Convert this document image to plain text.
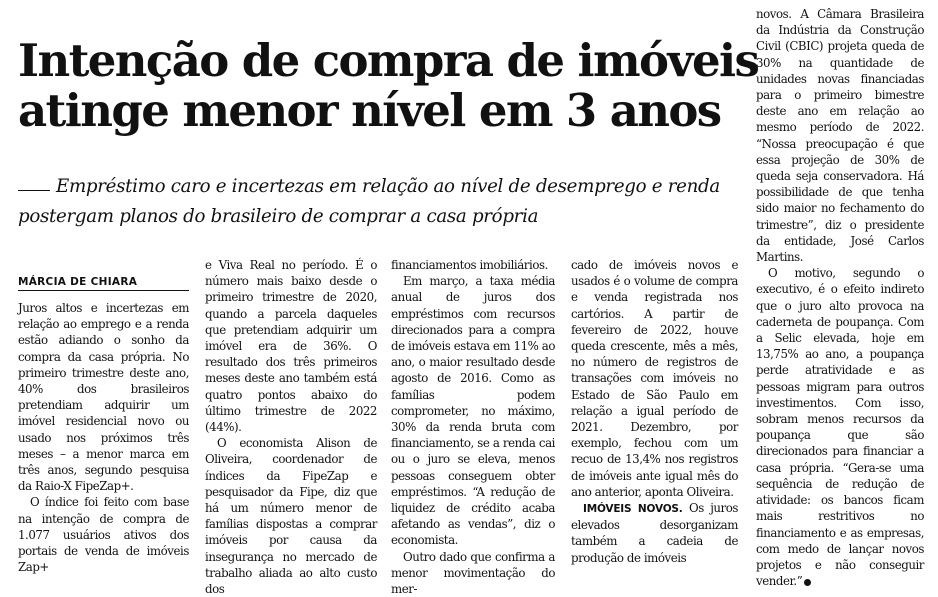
Intenção de compra de imóveis
atinge menor nível em 3 anos

Empréstimo caro e incertezas em relação ao nível de desemprego e renda postergam planos do brasileiro de comprar a casa própria

MÁRCIA DE CHIARA

Juros altos e incertezas em relação ao emprego e a renda estão adiando o sonho da compra da casa própria. No primeiro trimestre deste ano, 40% dos brasileiros pretendiam adquirir um imóvel residencial novo ou usado nos próximos três meses – a menor marca em três anos, segundo pesquisa da Raio-X FipeZap+.

O índice foi feito com base na intenção de compra de 1.077 usuários ativos dos portais de venda de imóveis Zap+

e Viva Real no período. É o número mais baixo desde o primeiro trimestre de 2020, quando a parcela daqueles que pretendiam adquirir um imóvel era de 36%. O resultado dos três primeiros meses deste ano também está quatro pontos abaixo do último trimestre de 2022 (44%).

O economista Alison de Oliveira, coordenador de índices da FipeZap e pesquisador da Fipe, diz que há um número menor de famílias dispostas a comprar imóveis por causa da insegurança no mercado de trabalho aliada ao alto custo dos

financiamentos imobiliários.

Em março, a taxa média anual de juros dos empréstimos com recursos direcionados para a compra de imóveis estava em 11% ao ano, o maior resultado desde agosto de 2016. Como as famílias podem comprometer, no máximo, 30% da renda bruta com financiamento, se a renda cai ou o juro se eleva, menos pessoas conseguem obter empréstimos. “A redução de liquidez de crédito acaba afetando as vendas”, diz o economista.

Outro dado que confirma a menor movimentação do mer-

cado de imóveis novos e usados é o volume de compra e venda registrada nos cartórios. A partir de fevereiro de 2022, houve queda crescente, mês a mês, no número de registros de transações com imóveis no Estado de São Paulo em relação a igual período de 2021. Dezembro, por exemplo, fechou com um recuo de 13,4% nos registros de imóveis ante igual mês do ano anterior, aponta Oliveira.

IMÓVEIS NOVOS. Os juros elevados desorganizam também a cadeia de produção de imóveis

novos. A Câmara Brasileira da Indústria da Construção Civil (CBIC) projeta queda de 30% na quantidade de unidades novas financiadas para o primeiro bimestre deste ano em relação ao mesmo período de 2022. “Nossa preocupação é que essa projeção de 30% de queda seja conservadora. Há possibilidade de que tenha sido maior no fechamento do trimestre”, diz o presidente da entidade, José Carlos Martins.

O motivo, segundo o executivo, é o efeito indireto que o juro alto provoca na caderneta de poupança. Com a Selic elevada, hoje em 13,75% ao ano, a poupança perde atratividade e as pessoas migram para outros investimentos. Com isso, sobram menos recursos da poupança que são direcionados para financiar a casa própria. “Gera-se uma sequência de redução de atividade: os bancos ficam mais restritivos no financiamento e as empresas, com medo de lançar novos projetos e não conseguir vender.”
